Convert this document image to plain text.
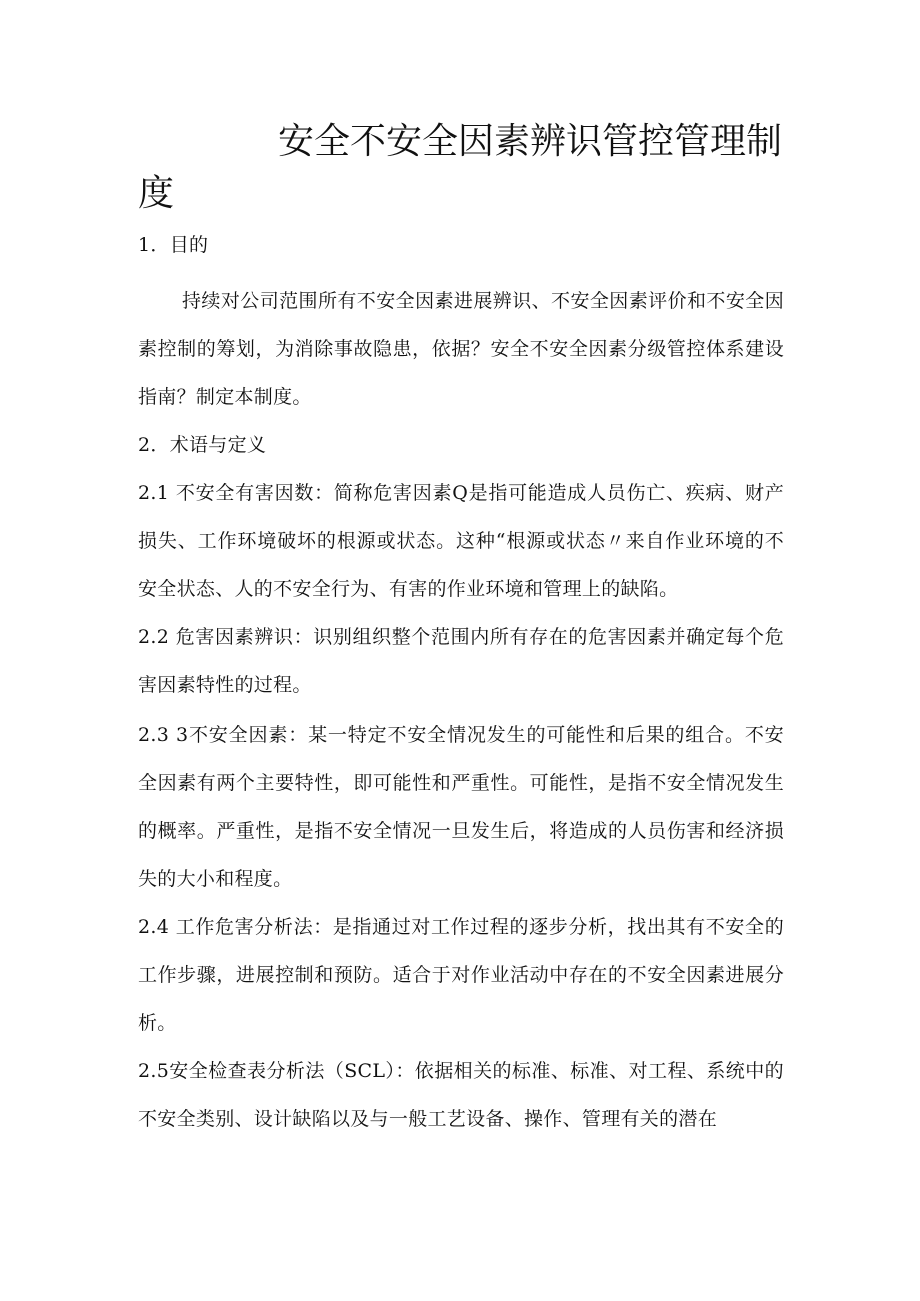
安全不安全因素辨识管控管理制
度
1．目的
持续对公司范围所有不安全因素进展辨识、不安全因素评价和不安全因素控制的筹划，为消除事故隐患，依据？安全不安全因素分级管控体系建设指南？制定本制度。
2．术语与定义
2.1 不安全有害因数：简称危害因素Q是指可能造成人员伤亡、疾病、财产损失、工作环境破坏的根源或状态。这种“根源或状态〃来自作业环境的不安全状态、人的不安全行为、有害的作业环境和管理上的缺陷。
2.2 危害因素辨识：识别组织整个范围内所有存在的危害因素并确定每个危害因素特性的过程。
2.3 3不安全因素：某一特定不安全情况发生的可能性和后果的组合。不安全因素有两个主要特性，即可能性和严重性。可能性，是指不安全情况发生的概率。严重性，是指不安全情况一旦发生后，将造成的人员伤害和经济损失的大小和程度。
2.4 工作危害分析法：是指通过对工作过程的逐步分析，找出其有不安全的工作步骤，进展控制和预防。适合于对作业活动中存在的不安全因素进展分析。
2.5安全检查表分析法（SCL）：依据相关的标准、标准、对工程、系统中的不安全类别、设计缺陷以及与一般工艺设备、操作、管理有关的潜在
